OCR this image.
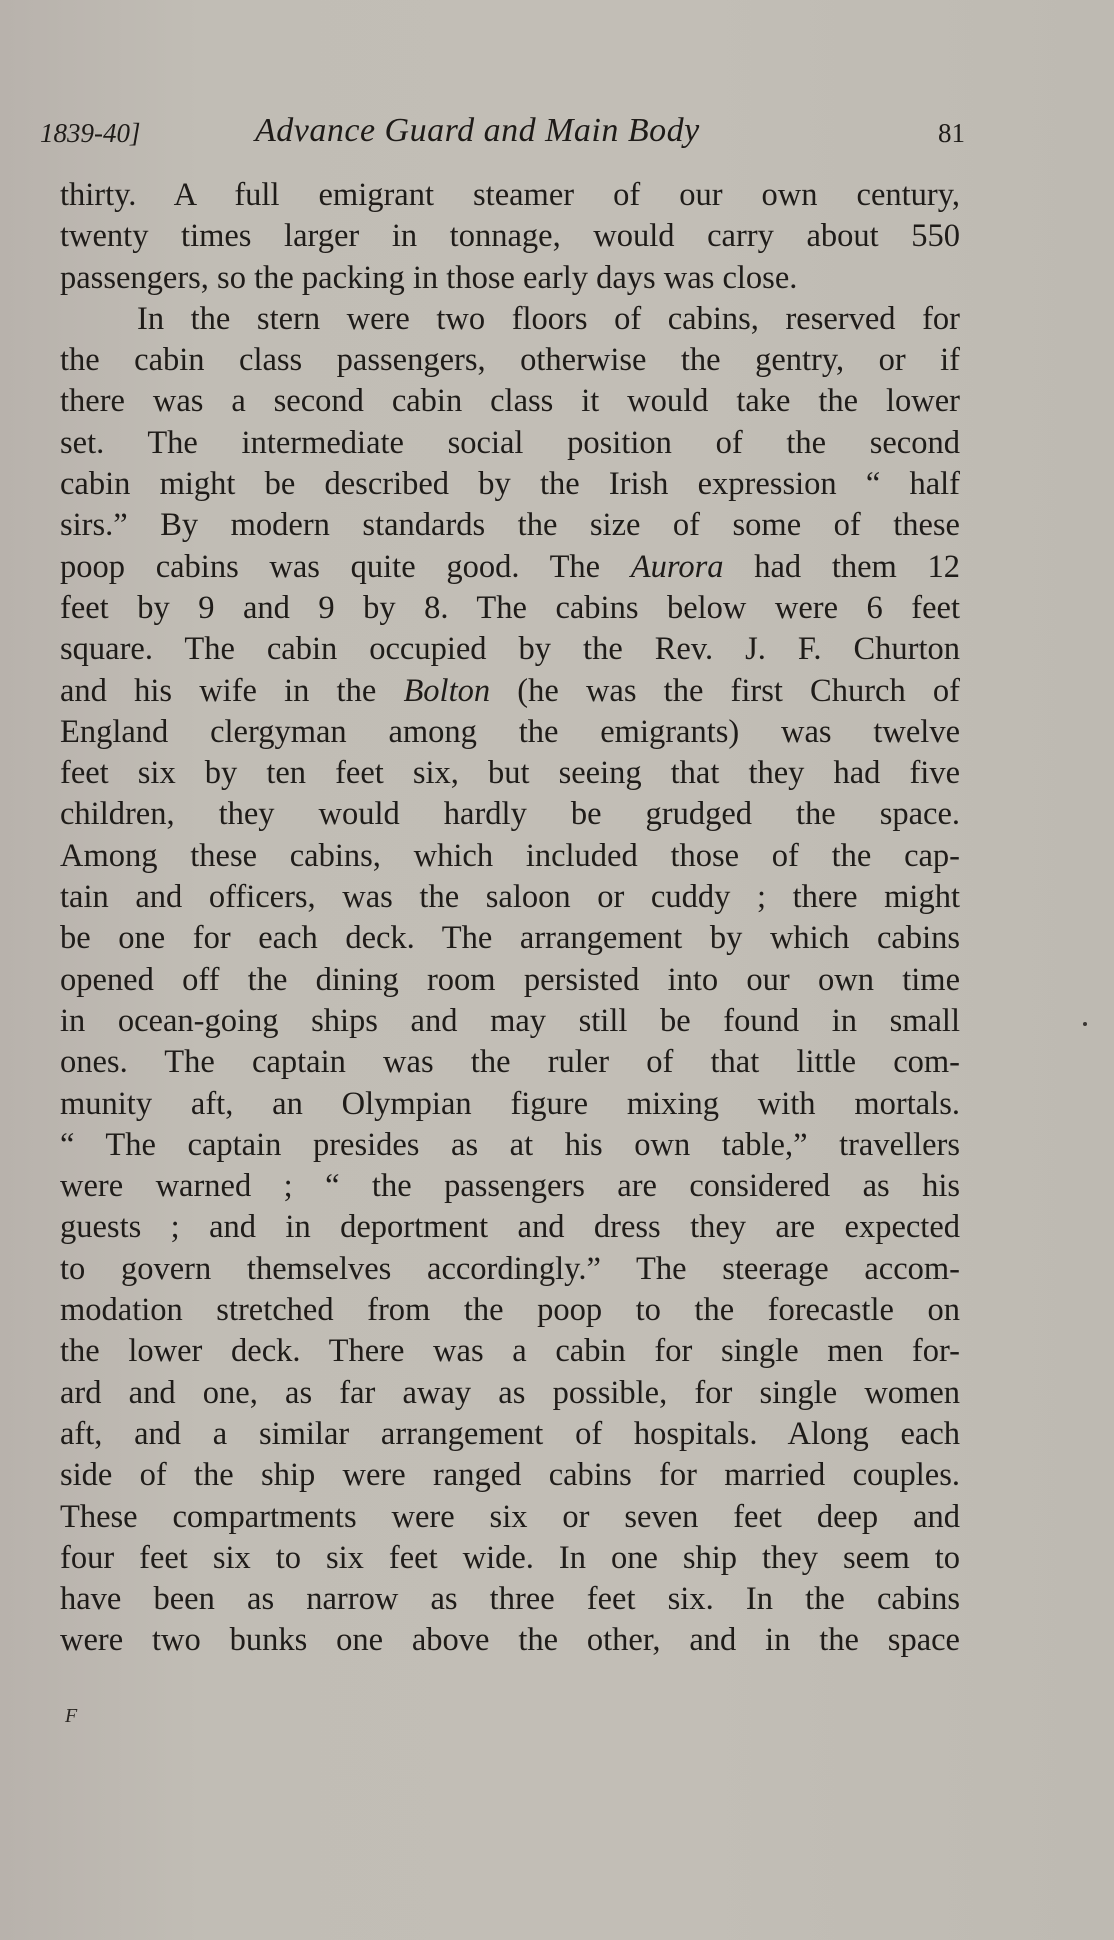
1839-40]	Advance Guard and Main Body	81
thirty. A full emigrant steamer of our own century,
twenty times larger in tonnage, would carry about 550
passengers, so the packing in those early days was close.
In the stern were two floors of cabins, reserved for
the cabin class passengers, otherwise the gentry, or if
there was a second cabin class it would take the lower
set. The intermediate social position of the second
cabin might be described by the Irish expression “ half
sirs.” By modern standards the size of some of these
poop cabins was quite good. The Aurora had them 12
feet by 9 and 9 by 8. The cabins below were 6 feet
square. The cabin occupied by the Rev. J. F. Churton
and his wife in the Bolton (he was the first Church of
England clergyman among the emigrants) was twelve
feet six by ten feet six, but seeing that they had five
children, they would hardly be grudged the space.
Among these cabins, which included those of the cap-
tain and officers, was the saloon or cuddy ; there might
be one for each deck. The arrangement by which cabins
opened off the dining room persisted into our own time
in ocean-going ships and may still be found in small
ones. The captain was the ruler of that little com-
munity aft, an Olympian figure mixing with mortals.
“ The captain presides as at his own table,” travellers
were warned ; “ the passengers are considered as his
guests ; and in deportment and dress they are expected
to govern themselves accordingly.” The steerage accom-
modation stretched from the poop to the forecastle on
the lower deck. There was a cabin for single men for-
ard and one, as far away as possible, for single women
aft, and a similar arrangement of hospitals. Along each
side of the ship were ranged cabins for married couples.
These compartments were six or seven feet deep and
four feet six to six feet wide. In one ship they seem to
have been as narrow as three feet six. In the cabins
were two bunks one above the other, and in the space
F
